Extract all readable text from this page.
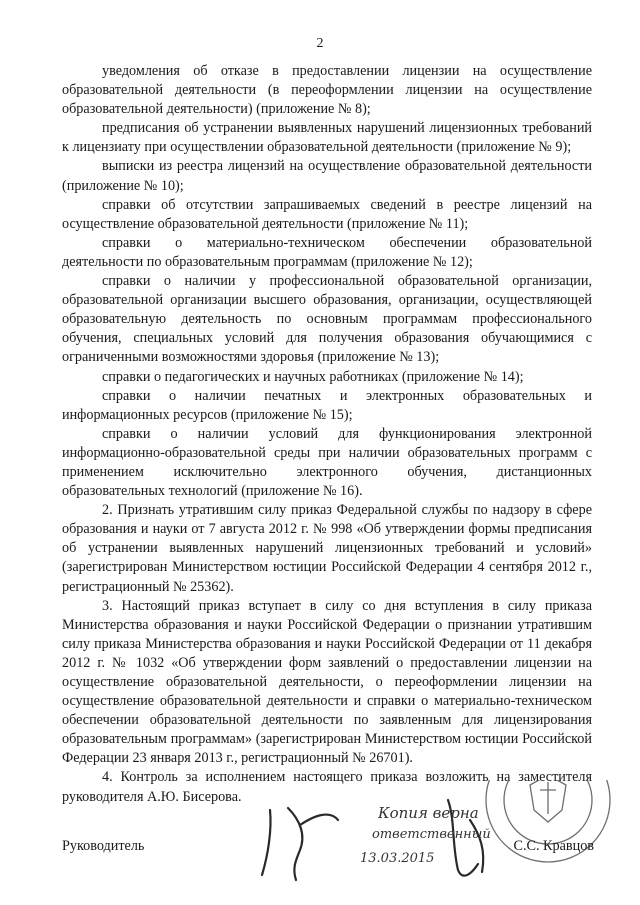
2

уведомления об отказе в предоставлении лицензии на осуществление образовательной деятельности (в переоформлении лицензии на осуществление образовательной деятельности) (приложение № 8);

предписания об устранении выявленных нарушений лицензионных требований к лицензиату при осуществлении образовательной деятельности (приложение № 9);

выписки из реестра лицензий на осуществление образовательной деятельности (приложение № 10);

справки об отсутствии запрашиваемых сведений в реестре лицензий на осуществление образовательной деятельности (приложение № 11);

справки о материально-техническом обеспечении образовательной деятельности по образовательным программам (приложение № 12);

справки о наличии у профессиональной образовательной организации, образовательной организации высшего образования, организации, осуществляющей образовательную деятельность по основным программам профессионального обучения, специальных условий для получения образования обучающимися с ограниченными возможностями здоровья (приложение № 13);

справки о педагогических и научных работниках (приложение № 14);

справки о наличии печатных и электронных образовательных и информационных ресурсов (приложение № 15);

справки о наличии условий для функционирования электронной информационно-образовательной среды при наличии образовательных программ с применением исключительно электронного обучения, дистанционных образовательных технологий (приложение № 16).

2. Признать утратившим силу приказ Федеральной службы по надзору в сфере образования и науки от 7 августа 2012 г. № 998 «Об утверждении формы предписания об устранении выявленных нарушений лицензионных требований и условий» (зарегистрирован Министерством юстиции Российской Федерации 4 сентября 2012 г., регистрационный № 25362).

3. Настоящий приказ вступает в силу со дня вступления в силу приказа Министерства образования и науки Российской Федерации о признании утратившим силу приказа Министерства образования и науки Российской Федерации от 11 декабря 2012 г. № 1032 «Об утверждении форм заявлений о предоставлении лицензии на осуществление образовательной деятельности, о переоформлении лицензии на осуществление образовательной деятельности и справки о материально-техническом обеспечении образовательной деятельности по заявленным для лицензирования образовательным программам» (зарегистрирован Министерством юстиции Российской Федерации 23 января 2013 г., регистрационный № 26701).

4. Контроль за исполнением настоящего приказа возложить на заместителя руководителя А.Ю. Бисерова.

Копия верна
ответственный
13.03.2015
Руководитель	С.С. Кравцов
